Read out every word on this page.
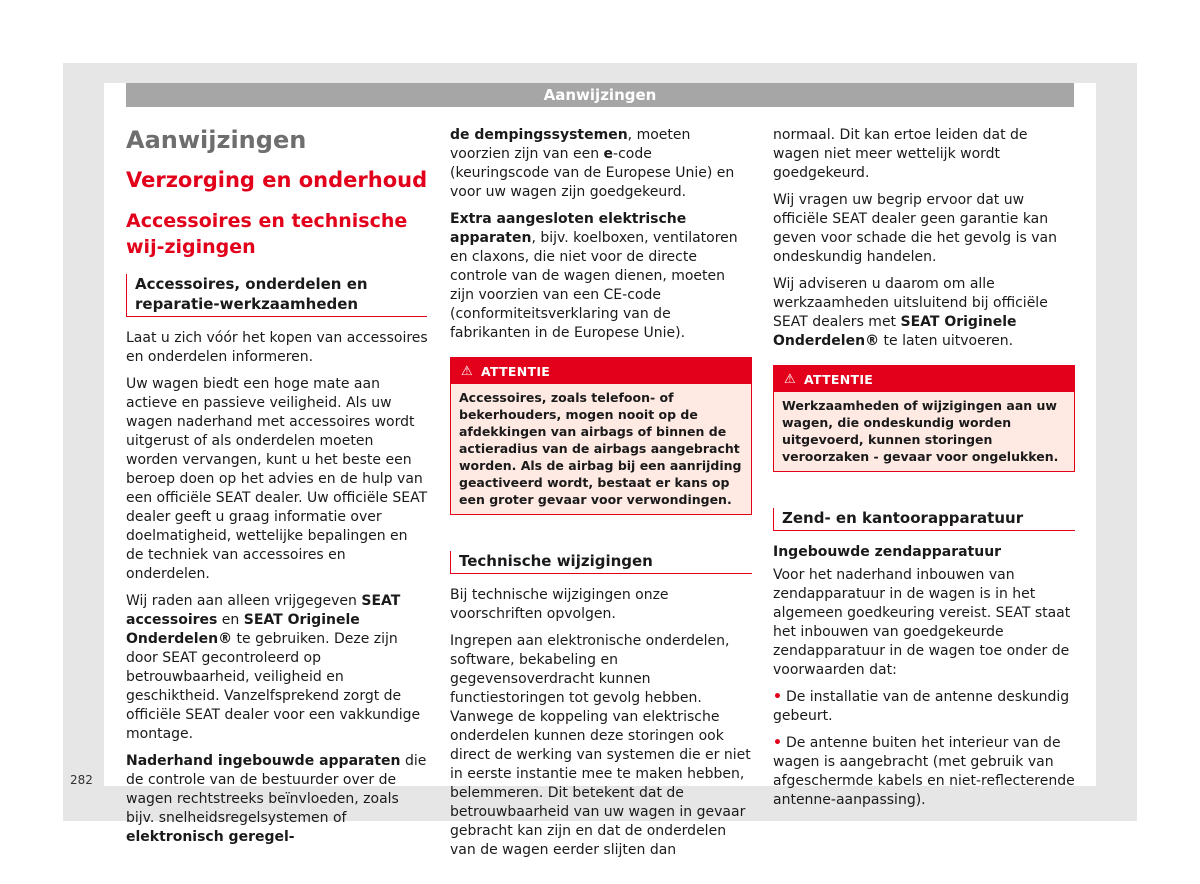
Aanwijzingen
Aanwijzingen
Verzorging en onderhoud
Accessoires en technische wij-zigingen
Accessoires, onderdelen en reparatie-werkzaamheden

Laat u zich vóór het kopen van accessoires en onderdelen informeren.

Uw wagen biedt een hoge mate aan actieve en passieve veiligheid. Als uw wagen naderhand met accessoires wordt uitgerust of als onderdelen moeten worden vervangen, kunt u het beste een beroep doen op het advies en de hulp van een officiële SEAT dealer. Uw officiële SEAT dealer geeft u graag informatie over doelmatigheid, wettelijke bepalingen en de techniek van accessoires en onderdelen.

Wij raden aan alleen vrijgegeven SEAT accessoires en SEAT Originele Onderdelen® te gebruiken. Deze zijn door SEAT gecontroleerd op betrouwbaarheid, veiligheid en geschiktheid. Vanzelfsprekend zorgt de officiële SEAT dealer voor een vakkundige montage.

Naderhand ingebouwde apparaten die de controle van de bestuurder over de wagen rechtstreeks beïnvloeden, zoals bijv. snelheidsregelsystemen of elektronisch geregel-

de dempingssystemen, moeten voorzien zijn van een e-code (keuringscode van de Europese Unie) en voor uw wagen zijn goedgekeurd.

Extra aangesloten elektrische apparaten, bijv. koelboxen, ventilatoren en claxons, die niet voor de directe controle van de wagen dienen, moeten zijn voorzien van een CE-code (conformiteitsverklaring van de fabrikanten in de Europese Unie).

⚠ ATTENTIE
Accessoires, zoals telefoon- of bekerhouders, mogen nooit op de afdekkingen van airbags of binnen de actieradius van de airbags aangebracht worden. Als de airbag bij een aanrijding geactiveerd wordt, bestaat er kans op een groter gevaar voor verwondingen.
Technische wijzigingen

Bij technische wijzigingen onze voorschriften opvolgen.

Ingrepen aan elektronische onderdelen, software, bekabeling en gegevensoverdracht kunnen functiestoringen tot gevolg hebben. Vanwege de koppeling van elektrische onderdelen kunnen deze storingen ook direct de werking van systemen die er niet in eerste instantie mee te maken hebben, belemmeren. Dit betekent dat de betrouwbaarheid van uw wagen in gevaar gebracht kan zijn en dat de onderdelen van de wagen eerder slijten dan

normaal. Dit kan ertoe leiden dat de wagen niet meer wettelijk wordt goedgekeurd.

Wij vragen uw begrip ervoor dat uw officiële SEAT dealer geen garantie kan geven voor schade die het gevolg is van ondeskundig handelen.

Wij adviseren u daarom om alle werkzaamheden uitsluitend bij officiële SEAT dealers met SEAT Originele Onderdelen® te laten uitvoeren.

⚠ ATTENTIE
Werkzaamheden of wijzigingen aan uw wagen, die ondeskundig worden uitgevoerd, kunnen storingen veroorzaken - gevaar voor ongelukken.
Zend- en kantoorapparatuur

Ingebouwde zendapparatuur

Voor het naderhand inbouwen van zendapparatuur in de wagen is in het algemeen goedkeuring vereist. SEAT staat het inbouwen van goedgekeurde zendapparatuur in de wagen toe onder de voorwaarden dat:

• De installatie van de antenne deskundig gebeurt.

• De antenne buiten het interieur van de wagen is aangebracht (met gebruik van afgeschermde kabels en niet-reflecterende antenne-aanpassing).

282
